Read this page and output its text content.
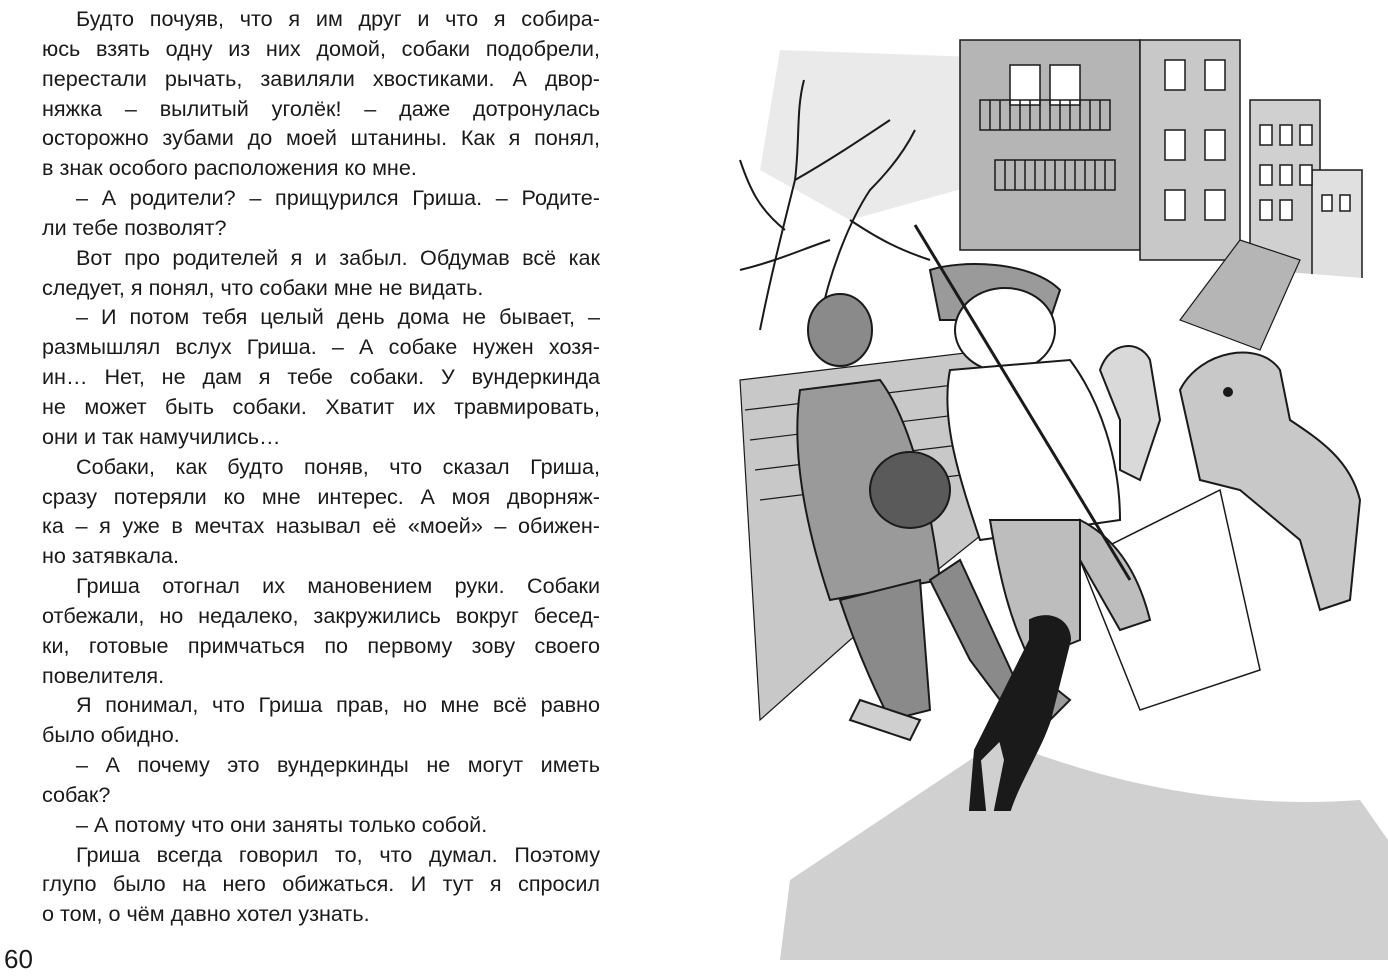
Будто почуяв, что я им друг и что я собира-
юсь взять одну из них домой, собаки подобрели,
перестали рычать, завиляли хвостиками. А двор-
няжка – вылитый уголёк! – даже дотронулась
осторожно зубами до моей штанины. Как я понял,
в знак особого расположения ко мне.
– А родители? – прищурился Гриша. – Родите-
ли тебе позволят?
Вот про родителей я и забыл. Обдумав всё как
следует, я понял, что собаки мне не видать.
– И потом тебя целый день дома не бывает, –
размышлял вслух Гриша. – А собаке нужен хозя-
ин… Нет, не дам я тебе собаки. У вундеркинда
не может быть собаки. Хватит их травмировать,
они и так намучились…
Собаки, как будто поняв, что сказал Гриша,
сразу потеряли ко мне интерес. А моя дворняж-
ка – я уже в мечтах называл её «моей» – обижен-
но затявкала.
Гриша отогнал их мановением руки. Собаки
отбежали, но недалеко, закружились вокруг бесед-
ки, готовые примчаться по первому зову своего
повелителя.
Я понимал, что Гриша прав, но мне всё равно
было обидно.
– А почему это вундеркинды не могут иметь
собак?
– А потому что они заняты только собой.
Гриша всегда говорил то, что думал. Поэтому
глупо было на него обижаться. И тут я спросил
о том, о чём давно хотел узнать.
60
